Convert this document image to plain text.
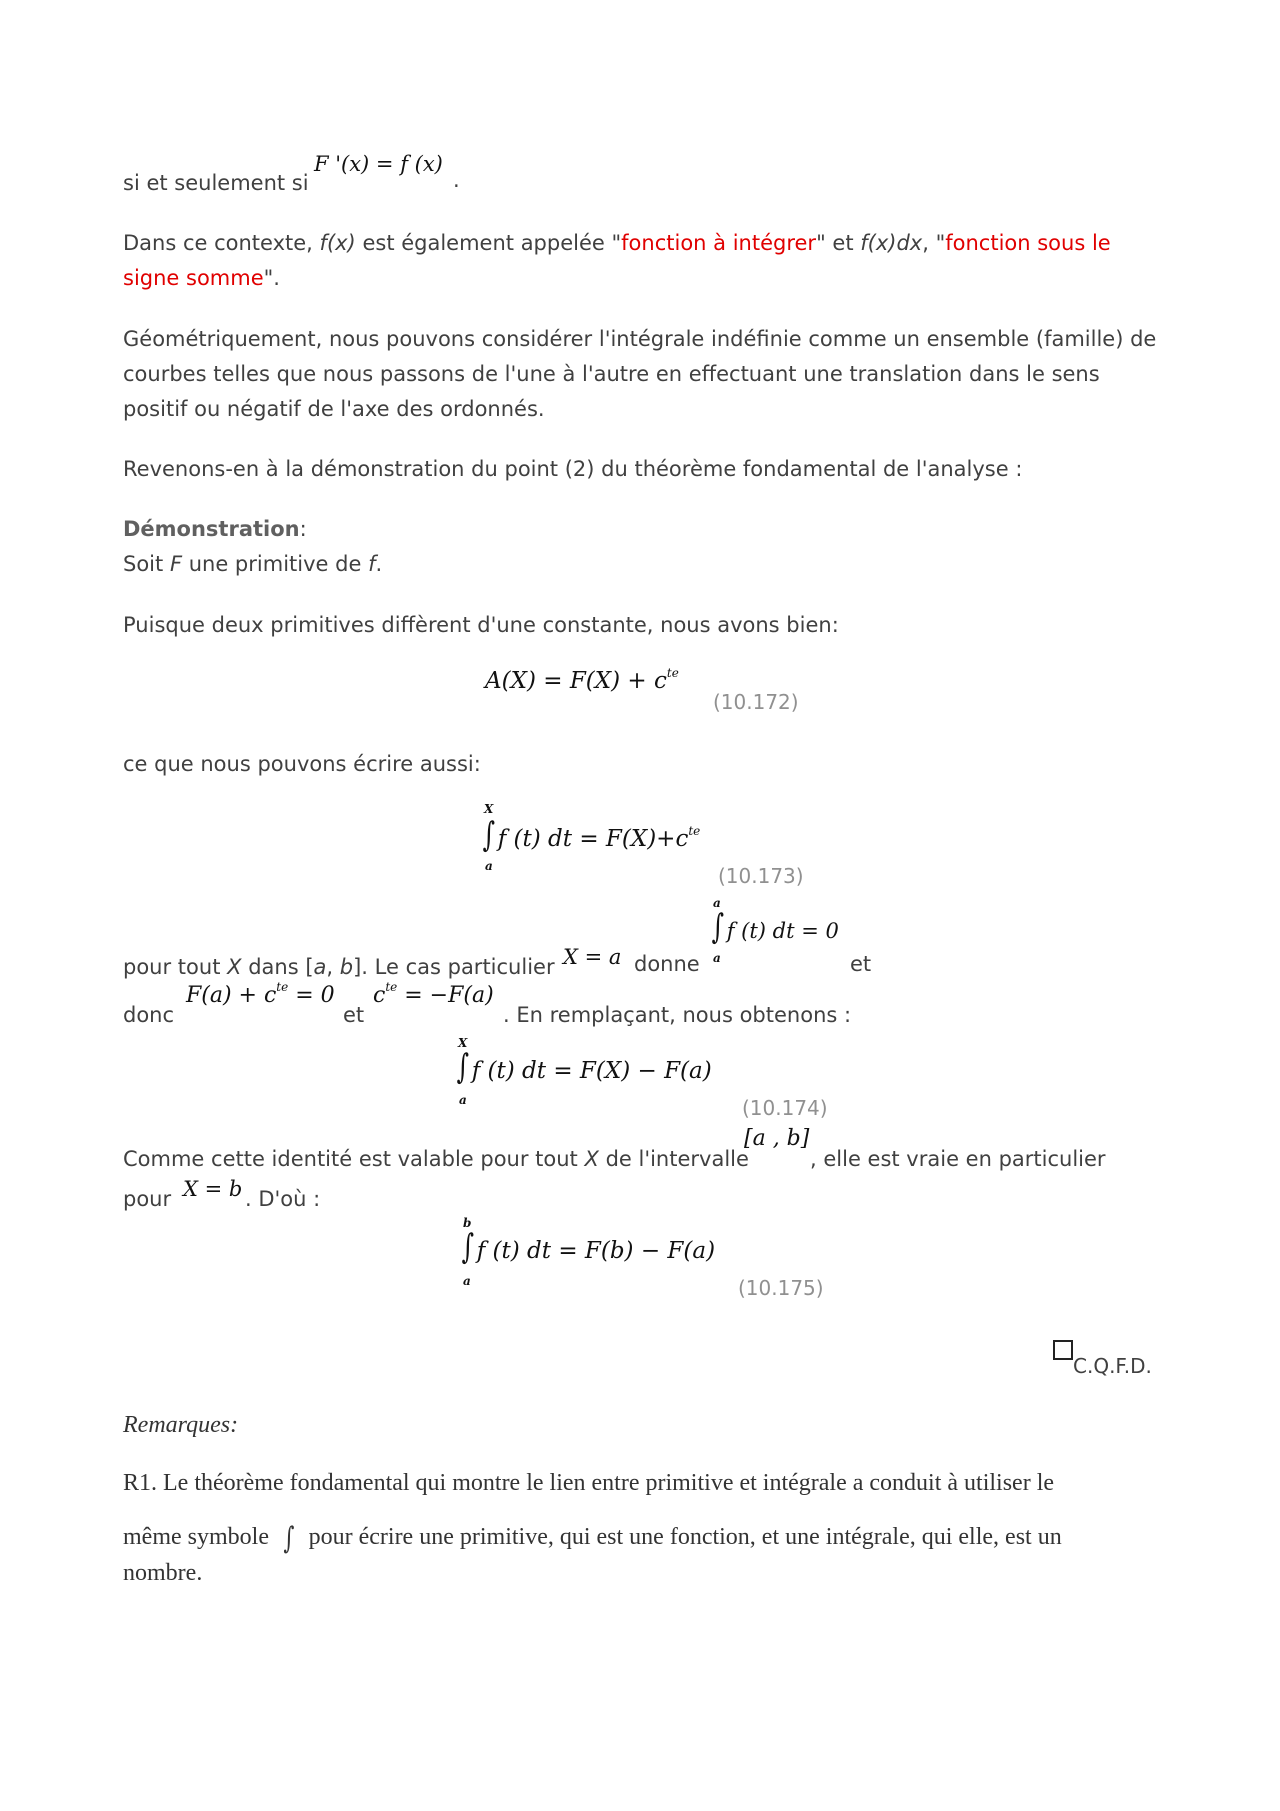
si et seulement si
F '(x) = f (x)
.
Dans ce contexte, f(x) est également appelée "fonction à intégrer" et f(x)dx, "fonction sous le signe somme".
Géométriquement, nous pouvons considérer l'intégrale indéfinie comme un ensemble (famille) de courbes telles que nous passons de l'une à l'autre en effectuant une translation dans le sens positif ou négatif de l'axe des ordonnés.
Revenons-en à la démonstration du point (2) du théorème fondamental de l'analyse :
Démonstration:
Soit F une primitive de f.
Puisque deux primitives diffèrent d'une constante, nous avons bien:
$A(X) = F(X) + c^{te}$
(10.172)
ce que nous pouvons écrire aussi:
X
∫ f (t) dt = $F(X)+c^{te}$
a	(10.173)
pour tout X dans [a, b]. Le cas particulier X = a donne
a
∫ f (t) dt = 0
a	et
donc
$F(a) + c^{te} = 0$
et
$c^{te} = -F(a)$
. En remplaçant, nous obtenons :
X
∫ f (t) dt = F(X) − F(a)
a	(10.174)
Comme cette identité est valable pour tout X de l'intervalle
[a , b]
, elle est vraie en particulier
pour X = b . D'où :
b
∫ f (t) dt = F(b) − F(a)
a	(10.175)
C.Q.F.D.
Remarques:
R1. Le théorème fondamental qui montre le lien entre primitive et intégrale a conduit à utiliser le
même symbole ∫ pour écrire une primitive, qui est une fonction, et une intégrale, qui elle, est un
nombre.
